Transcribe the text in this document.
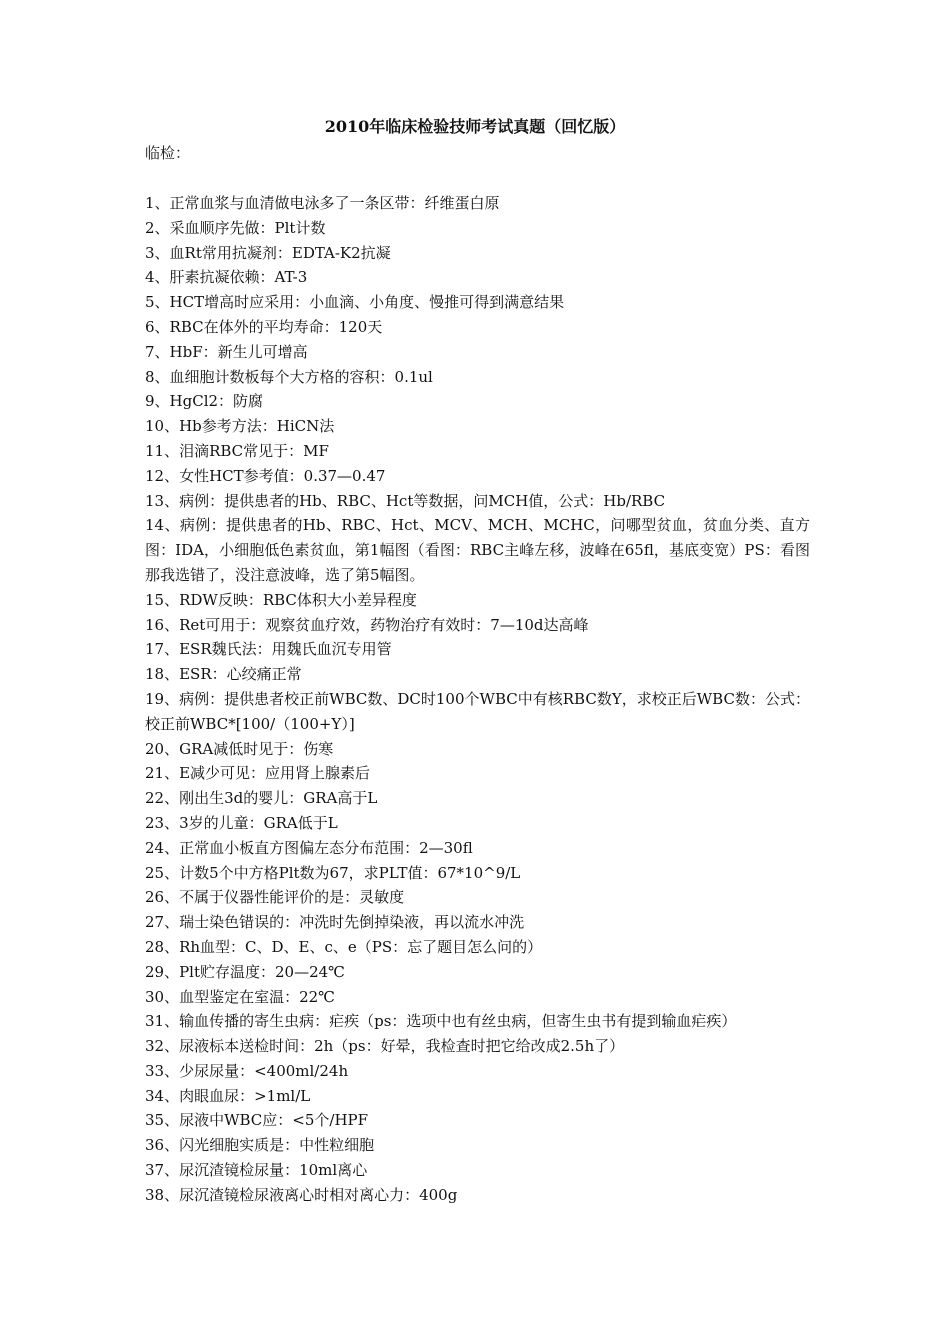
2010年临床检验技师考试真题（回忆版）
临检：
1、正常血浆与血清做电泳多了一条区带：纤维蛋白原
2、采血顺序先做：Plt计数
3、血Rt常用抗凝剂：EDTA-K2抗凝
4、肝素抗凝依赖：AT-3
5、HCT增高时应采用：小血滴、小角度、慢推可得到满意结果
6、RBC在体外的平均寿命：120天
7、HbF：新生儿可增高
8、血细胞计数板每个大方格的容积：0.1ul
9、HgCl2：防腐
10、Hb参考方法：HiCN法
11、泪滴RBC常见于：MF
12、女性HCT参考值：0.37—0.47
13、病例：提供患者的Hb、RBC、Hct等数据，问MCH值，公式：Hb/RBC
14、病例：提供患者的Hb、RBC、Hct、MCV、MCH、MCHC，问哪型贫血，贫血分类、直方图：IDA，小细胞低色素贫血，第1幅图（看图：RBC主峰左移，波峰在65fl，基底变宽）PS：看图那我选错了，没注意波峰，选了第5幅图。
15、RDW反映：RBC体积大小差异程度
16、Ret可用于：观察贫血疗效，药物治疗有效时：7—10d达高峰
17、ESR魏氏法：用魏氏血沉专用管
18、ESR：心绞痛正常
19、病例：提供患者校正前WBC数、DC时100个WBC中有核RBC数Y，求校正后WBC数：公式：校正前WBC*[100/（100+Y）]
20、GRA减低时见于：伤寒
21、E减少可见：应用肾上腺素后
22、刚出生3d的婴儿：GRA高于L
23、3岁的儿童：GRA低于L
24、正常血小板直方图偏左态分布范围：2—30fl
25、计数5个中方格Plt数为67，求PLT值：67*10^9/L
26、不属于仪器性能评价的是：灵敏度
27、瑞士染色错误的：冲洗时先倒掉染液，再以流水冲洗
28、Rh血型：C、D、E、c、e（PS：忘了题目怎么问的）
29、Plt贮存温度：20—24℃
30、血型鉴定在室温：22℃
31、输血传播的寄生虫病：疟疾（ps：选项中也有丝虫病，但寄生虫书有提到输血疟疾）
32、尿液标本送检时间：2h（ps：好晕，我检查时把它给改成2.5h了）
33、少尿尿量：<400ml/24h
34、肉眼血尿：>1ml/L
35、尿液中WBC应：<5个/HPF
36、闪光细胞实质是：中性粒细胞
37、尿沉渣镜检尿量：10ml离心
38、尿沉渣镜检尿液离心时相对离心力：400g
